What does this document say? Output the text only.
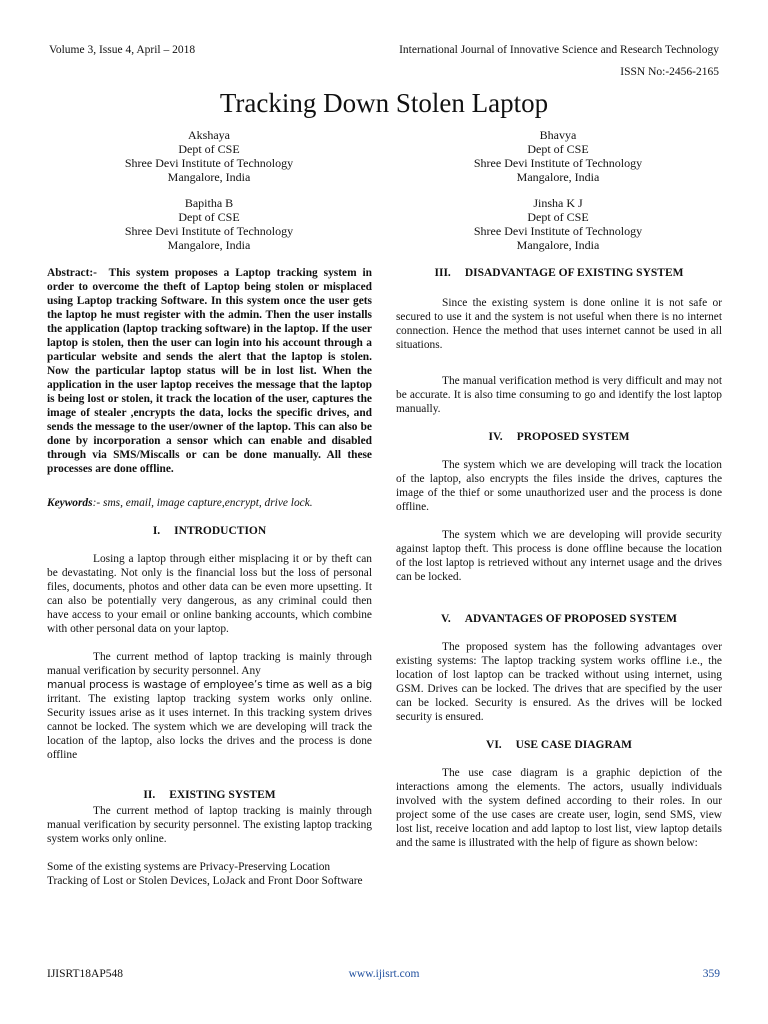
Volume 3, Issue 4, April – 2018	International Journal of Innovative Science and Research Technology
ISSN No:-2456-2165
Tracking Down Stolen Laptop
Akshaya
Dept of CSE
Shree Devi Institute of Technology
Mangalore, India
Bhavya
Dept of CSE
Shree Devi Institute of Technology
Mangalore, India
Bapitha B
Dept of CSE
Shree Devi Institute of Technology
Mangalore, India
Jinsha K J
Dept of CSE
Shree Devi Institute of Technology
Mangalore, India

Abstract:- This system proposes a Laptop tracking system in order to overcome the theft of Laptop being stolen or misplaced using Laptop tracking Software. In this system once the user gets the laptop he must register with the admin. Then the user installs the application (laptop tracking software) in the laptop. If the user laptop is stolen, then the user can login into his account through a particular website and sends the alert that the laptop is stolen. Now the particular laptop status will be in lost list. When the application in the user laptop receives the message that the laptop is being lost or stolen, it track the location of the user, captures the image of stealer ,encrypts the data, locks the specific drives, and sends the message to the user/owner of the laptop. This can also be done by incorporation a sensor which can enable and disabled through via SMS/Miscalls or can be done manually. All these processes are done offline.

Keywords:- sms, email, image capture,encrypt, drive lock.

I. INTRODUCTION

Losing a laptop through either misplacing it or by theft can be devastating. Not only is the financial loss but the loss of personal files, documents, photos and other data can be even more upsetting. It can also be potentially very dangerous, as any criminal could then have access to your email or online banking accounts, which combine with other personal data on your laptop.

The current method of laptop tracking is mainly through manual verification by security personnel. Any
manual process is wastage of employee’s time as well as a big irritant. The existing laptop tracking system works only online. Security issues arise as it uses internet. In this tracking system drives cannot be locked. The system which we are developing will track the location of the laptop, also locks the drives and the process is done offline

II. EXISTING SYSTEM

The current method of laptop tracking is mainly through manual verification by security personnel. The existing laptop tracking system works only online.

Some of the existing systems are Privacy-Preserving Location Tracking of Lost or Stolen Devices, LoJack and Front Door Software

III. DISADVANTAGE OF EXISTING SYSTEM

Since the existing system is done online it is not safe or secured to use it and the system is not useful when there is no internet connection. Hence the method that uses internet cannot be used in all situations.

The manual verification method is very difficult and may not be accurate. It is also time consuming to go and identify the lost laptop manually.

IV. PROPOSED SYSTEM

The system which we are developing will track the location of the laptop, also encrypts the files inside the drives, captures the image of the thief or some unauthorized user and the process is done offline.

The system which we are developing will provide security against laptop theft. This process is done offline because the location of the lost laptop is retrieved without any internet usage and the drives can be locked.

V. ADVANTAGES OF PROPOSED SYSTEM

The proposed system has the following advantages over existing systems: The laptop tracking system works offline i.e., the location of lost laptop can be tracked without using internet, using GSM. Drives can be locked. The drives that are specified by the user can be locked. Security is ensured. As the drives will be locked security is ensured.

VI. USE CASE DIAGRAM

The use case diagram is a graphic depiction of the interactions among the elements. The actors, usually individuals involved with the system defined according to their roles. In our project some of the use cases are create user, login, send SMS, view lost list, receive location and add laptop to lost list, view laptop details and the same is illustrated with the help of figure as shown below:

IJISRT18AP548	www.ijisrt.com	359
